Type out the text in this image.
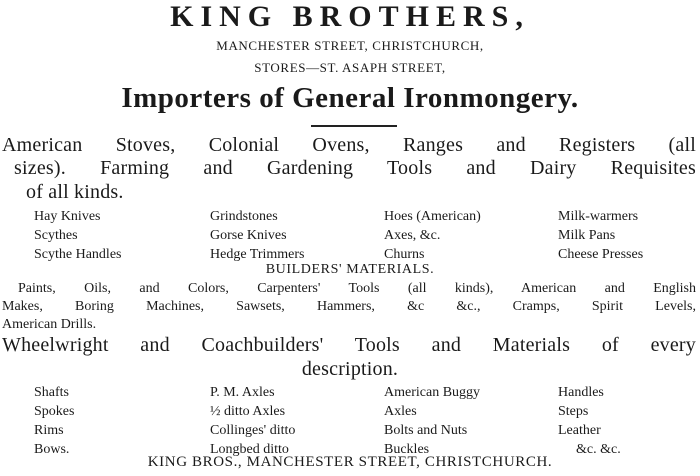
KING BROTHERS,
MANCHESTER STREET, CHRISTCHURCH,
STORES—ST. ASAPH STREET,
Importers of General Ironmongery.
American Stoves, Colonial Ovens, Ranges and Registers (all
sizes). Farming and Gardening Tools and Dairy Requisites
of all kinds.
Hay Knives	Grindstones	Hoes (American)	Milk-warmers
Scythes	Gorse Knives	Axes, &c.	Milk Pans
Scythe Handles	Hedge Trimmers	Churns	Cheese Presses
BUILDERS' MATERIALS.
Paints, Oils, and Colors, Carpenters' Tools (all kinds), American and English
Makes, Boring Machines, Sawsets, Hammers, &c &c., Cramps, Spirit Levels,
American Drills.
Wheelwright and Coachbuilders' Tools and Materials of every
description.
Shafts	P. M. Axles	American Buggy	Handles
Spokes	½ ditto Axles	Axles	Steps
Rims	Collinges' ditto	Bolts and Nuts	Leather
Bows.	Longbed ditto	Buckles	&c. &c.
KING BROS., MANCHESTER STREET, CHRISTCHURCH.
